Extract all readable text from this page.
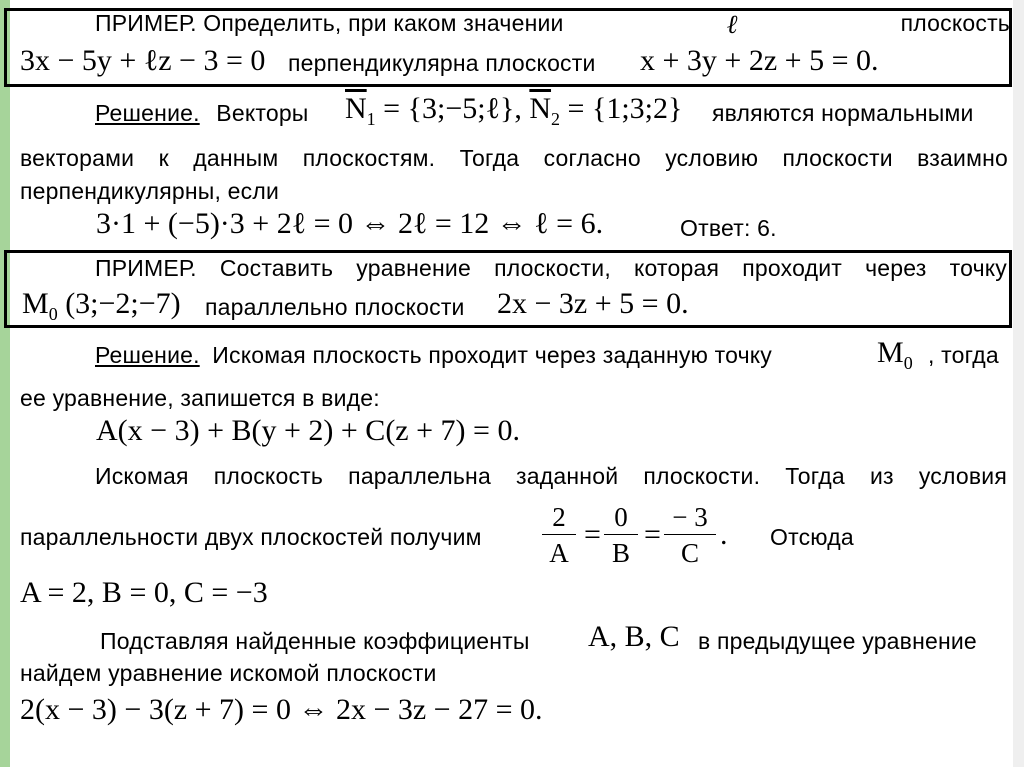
ПРИМЕР. Определить, при каком значении	ℓ	плоскость
3x − 5y + ℓz − 3 = 0 перпендикулярна плоскости x + 3y + 2z + 5 = 0.
Решение. Векторы $\overline{N}_1$ = {3;−5;ℓ}, $\overline{N}_2$ = {1;3;2} являются нормальными
векторами к данным плоскостям. Тогда согласно условию плоскости взаимно
перпендикулярны, если
3·1 + (−5)·3 + 2ℓ = 0 ⇔ 2ℓ = 12 ⇔ ℓ = 6.	Ответ: 6.
ПРИМЕР. Составить уравнение плоскости, которая проходит через точку
$M_0$ (3;−2;−7) параллельно плоскости 2x − 3z + 5 = 0.
Решение. Искомая плоскость проходит через заданную точку	$M_0$ , тогда
ее уравнение, запишется в виде:
A(x − 3) + B(y + 2) + C(z + 7) = 0.
Искомая плоскость параллельна заданной плоскости. Тогда из условия
параллельности двух плоскостей получим $\frac{2}{A} = \frac{0}{B} = \frac{- 3}{C}$ . Отсюда
A = 2, B = 0, C = −3
Подставляя найденные коэффициенты A, B, C в предыдущее уравнение
найдем уравнение искомой плоскости
2(x − 3) − 3(z + 7) = 0 ⇔ 2x − 3z − 27 = 0.
